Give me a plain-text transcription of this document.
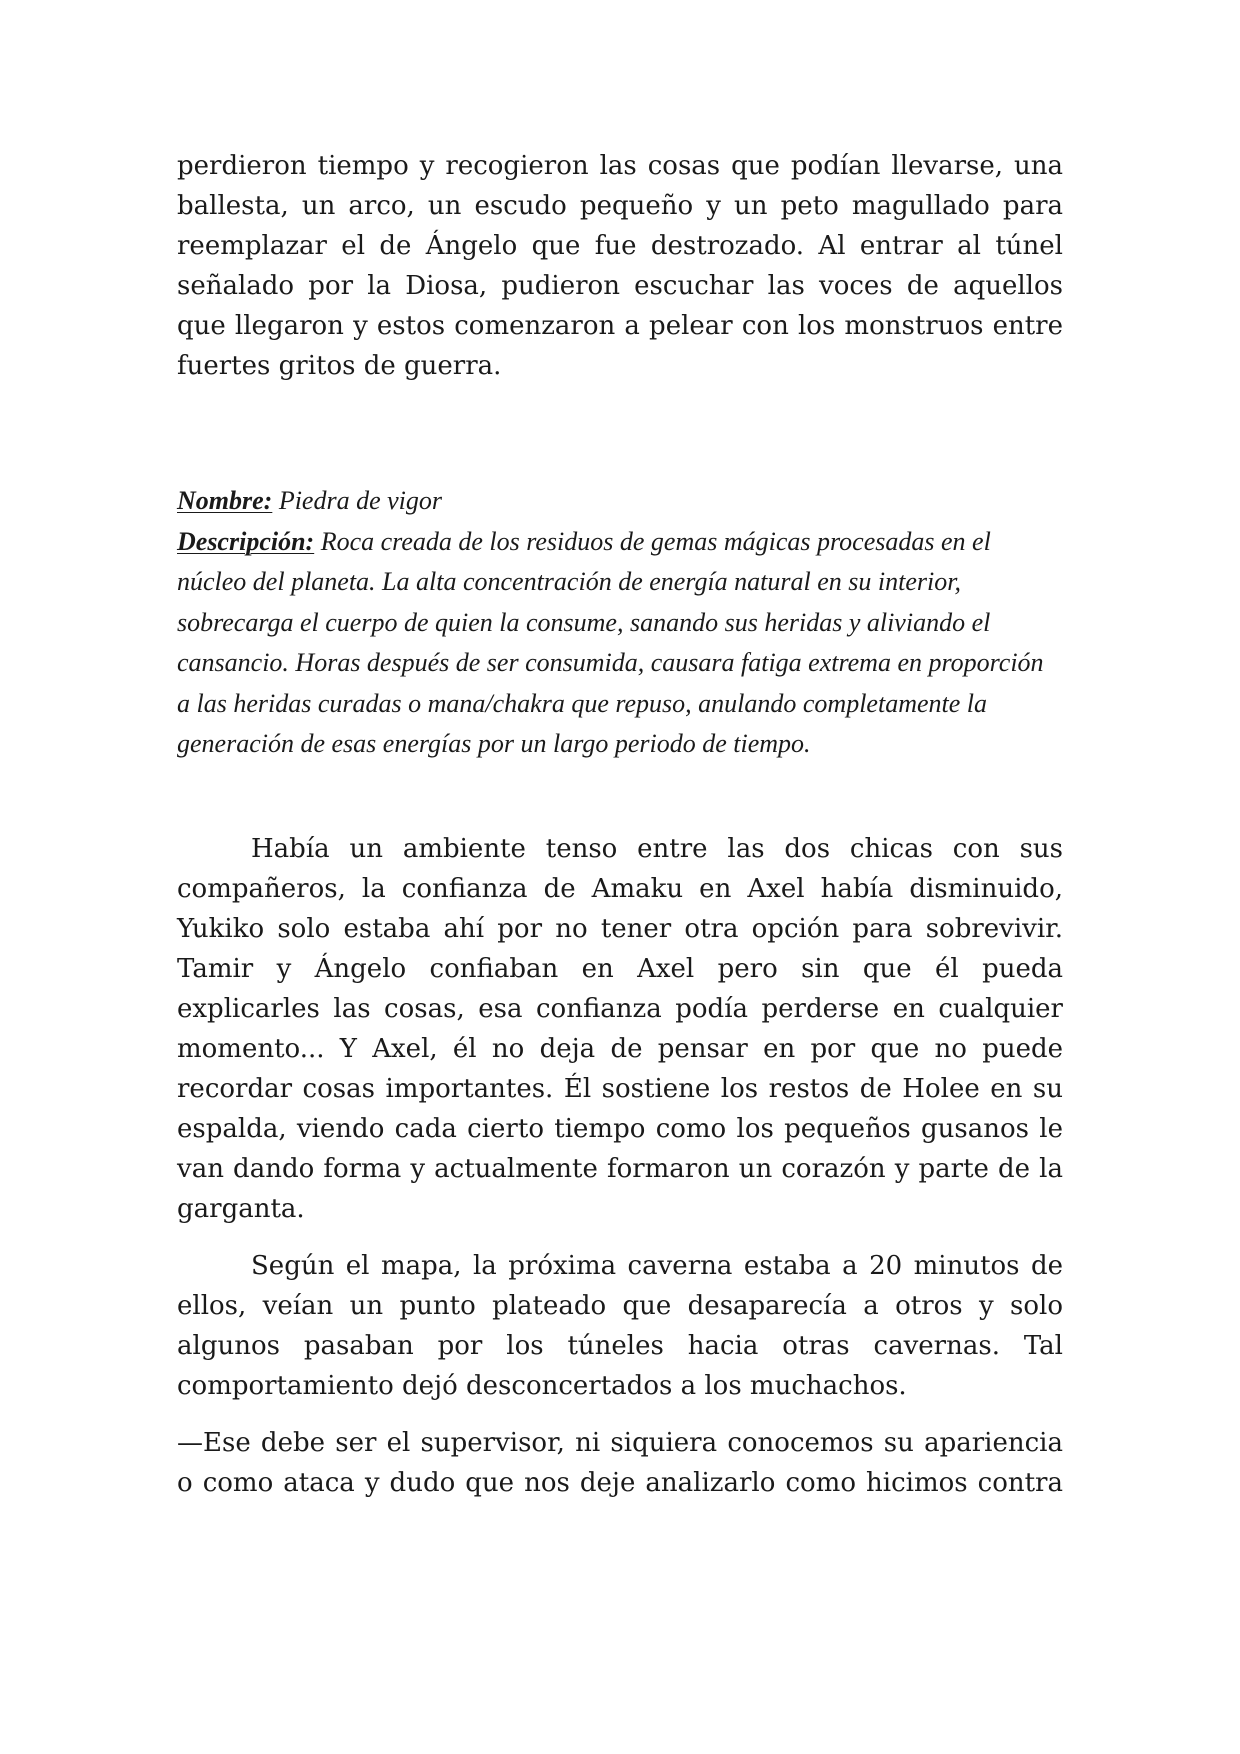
perdieron tiempo y recogieron las cosas que podían llevarse, una ballesta, un arco, un escudo pequeño y un peto magullado para reemplazar el de Ángelo que fue destrozado. Al entrar al túnel señalado por la Diosa, pudieron escuchar las voces de aquellos que llegaron y estos comenzaron a pelear con los monstruos entre fuertes gritos de guerra.

Nombre: Piedra de vigor
Descripción: Roca creada de los residuos de gemas mágicas procesadas en el núcleo del planeta. La alta concentración de energía natural en su interior, sobrecarga el cuerpo de quien la consume, sanando sus heridas y aliviando el cansancio. Horas después de ser consumida, causara fatiga extrema en proporción a las heridas curadas o mana/chakra que repuso, anulando completamente la generación de esas energías por un largo periodo de tiempo.

Había un ambiente tenso entre las dos chicas con sus compañeros, la confianza de Amaku en Axel había disminuido, Yukiko solo estaba ahí por no tener otra opción para sobrevivir. Tamir y Ángelo confiaban en Axel pero sin que él pueda explicarles las cosas, esa confianza podía perderse en cualquier momento... Y Axel, él no deja de pensar en por que no puede recordar cosas importantes. Él sostiene los restos de Holee en su espalda, viendo cada cierto tiempo como los pequeños gusanos le van dando forma y actualmente formaron un corazón y parte de la garganta.

Según el mapa, la próxima caverna estaba a 20 minutos de ellos, veían un punto plateado que desaparecía a otros y solo algunos pasaban por los túneles hacia otras cavernas. Tal comportamiento dejó desconcertados a los muchachos.

—Ese debe ser el supervisor, ni siquiera conocemos su apariencia o como ataca y dudo que nos deje analizarlo como hicimos contra
